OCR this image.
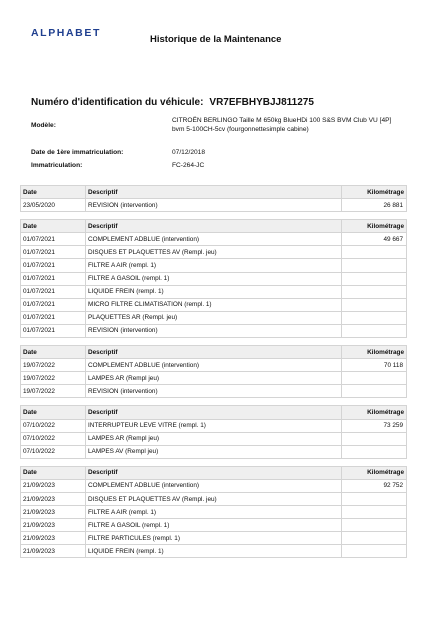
ALPHABET
Historique de la Maintenance
Numéro d'identification du véhicule: VR7EFBHYBJJ811275
Modèle:	CITROËN BERLINGO Taille M 650kg BlueHDi 100 S&S BVM Club VU [4P]
bvm 5-100CH-5cv (fourgonnettesimple cabine)

Date de 1ère immatriculation:	07/12/2018
Immatriculation:	FC-264-JC
Date	Descriptif	Kilométrage
23/05/2020	REVISION (intervention)	26 881
Date	Descriptif	Kilométrage
01/07/2021	COMPLEMENT ADBLUE (intervention)	49 667
01/07/2021	DISQUES ET PLAQUETTES AV (Rempl. jeu)	
01/07/2021	FILTRE A AIR (rempl. 1)	
01/07/2021	FILTRE A GASOIL (rempl. 1)	
01/07/2021	LIQUIDE FREIN (rempl. 1)	
01/07/2021	MICRO FILTRE CLIMATISATION (rempl. 1)	
01/07/2021	PLAQUETTES AR (Rempl. jeu)	
01/07/2021	REVISION (intervention)	
Date	Descriptif	Kilométrage
19/07/2022	COMPLEMENT ADBLUE (intervention)	70 118
19/07/2022	LAMPES AR (Rempl jeu)	
19/07/2022	REVISION (intervention)	
Date	Descriptif	Kilométrage
07/10/2022	INTERRUPTEUR LEVE VITRE (rempl. 1)	73 259
07/10/2022	LAMPES AR (Rempl jeu)	
07/10/2022	LAMPES AV (Rempl jeu)	
Date	Descriptif	Kilométrage
21/09/2023	COMPLEMENT ADBLUE (intervention)	92 752
21/09/2023	DISQUES ET PLAQUETTES AV (Rempl. jeu)	
21/09/2023	FILTRE A AIR (rempl. 1)	
21/09/2023	FILTRE A GASOIL (rempl. 1)	
21/09/2023	FILTRE PARTICULES (rempl. 1)	
21/09/2023	LIQUIDE FREIN (rempl. 1)	
